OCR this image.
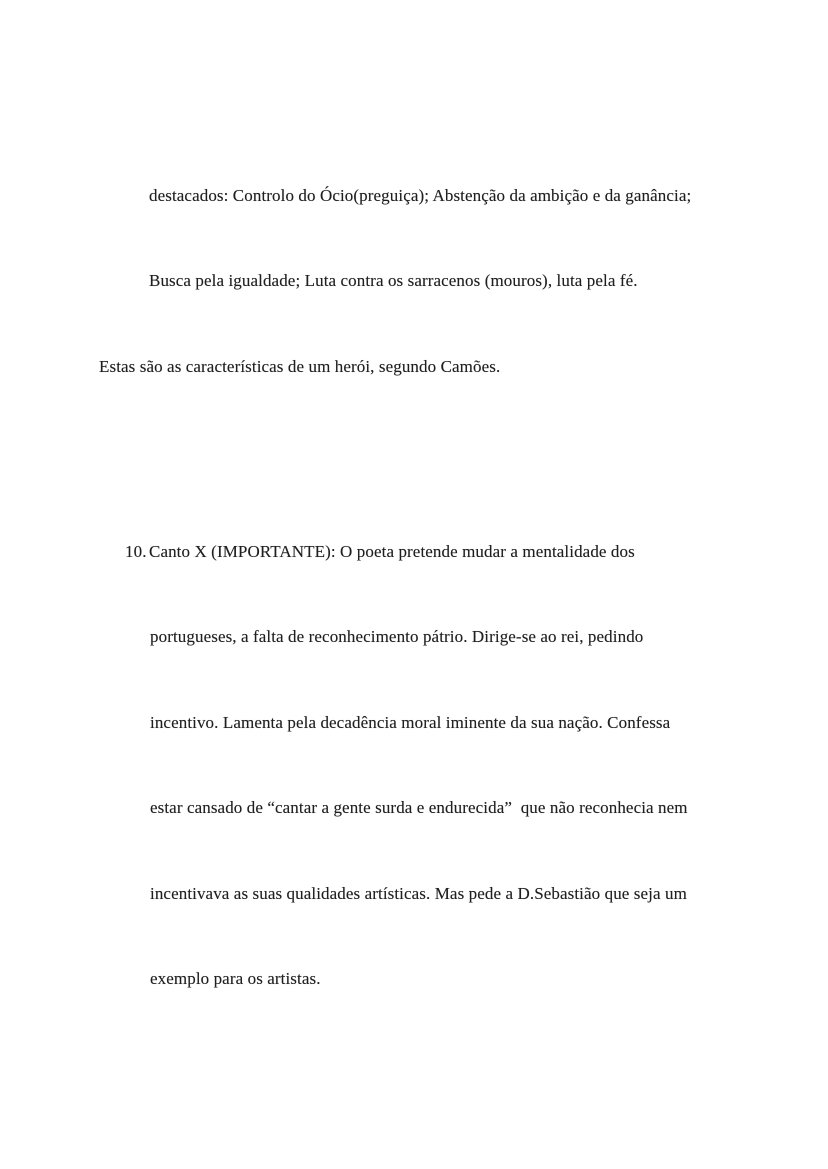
destacados: Controlo do Ócio(preguiça); Abstenção da ambição e da ganância;

Busca pela igualdade; Luta contra os sarracenos (mouros), luta pela fé.

Estas são as características de um herói, segundo Camões.

10. Canto X (IMPORTANTE): O poeta pretende mudar a mentalidade dos

portugueses, a falta de reconhecimento pátrio. Dirige-se ao rei, pedindo

incentivo. Lamenta pela decadência moral iminente da sua nação. Confessa

estar cansado de “cantar a gente surda e endurecida”  que não reconhecia nem

incentivava as suas qualidades artísticas. Mas pede a D.Sebastião que seja um

exemplo para os artistas.
